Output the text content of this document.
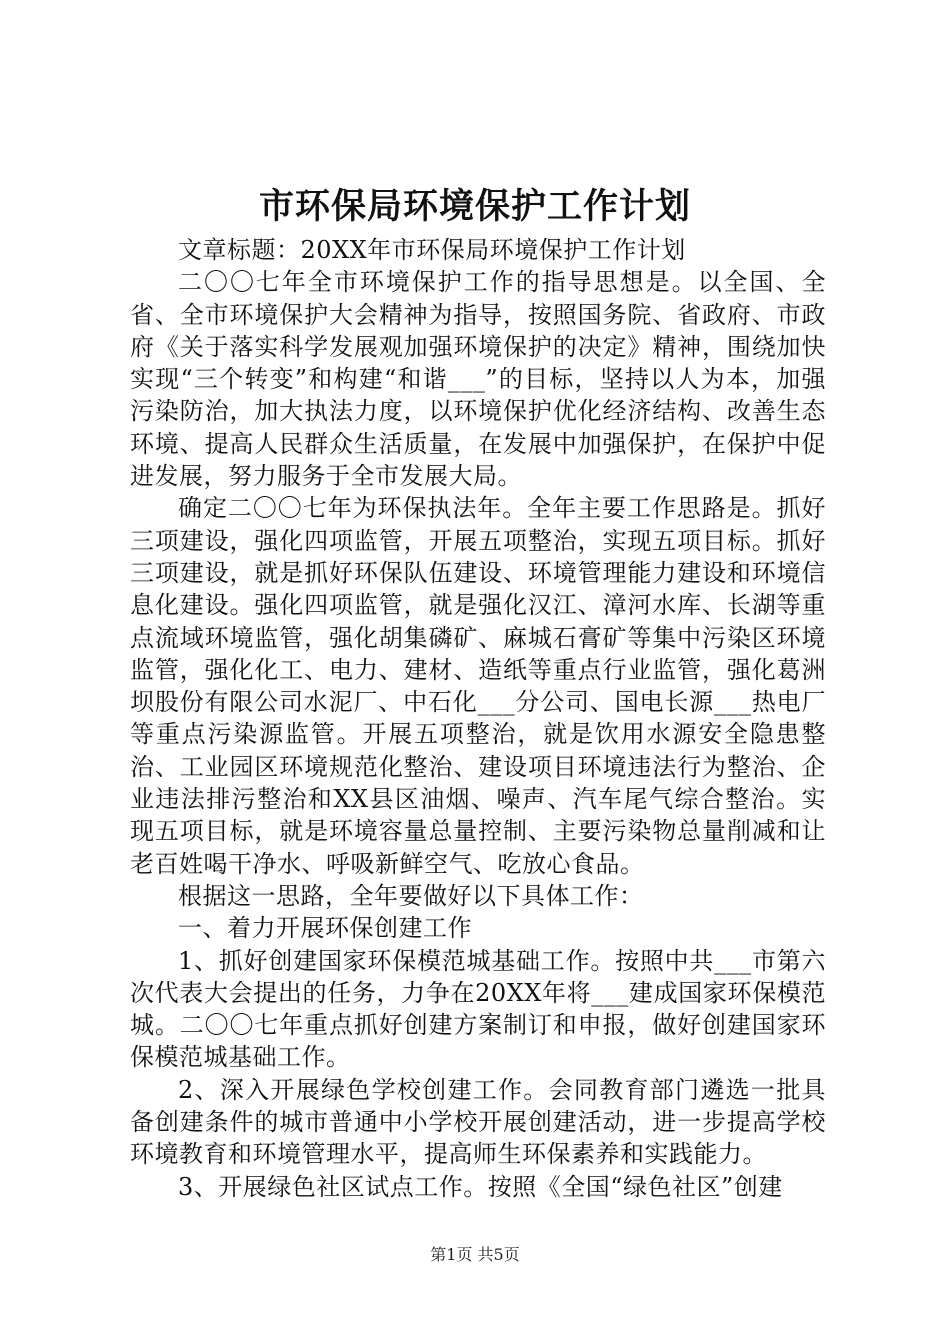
市环保局环境保护工作计划

文章标题：20XX年市环保局环境保护工作计划

二〇〇七年全市环境保护工作的指导思想是。以全国、全省、全市环境保护大会精神为指导，按照国务院、省政府、市政府《关于落实科学发展观加强环境保护的决定》精神，围绕加快实现“三个转变”和构建“和谐___”的目标，坚持以人为本，加强污染防治，加大执法力度，以环境保护优化经济结构、改善生态环境、提高人民群众生活质量，在发展中加强保护，在保护中促进发展，努力服务于全市发展大局。

确定二〇〇七年为环保执法年。全年主要工作思路是。抓好三项建设，强化四项监管，开展五项整治，实现五项目标。抓好三项建设，就是抓好环保队伍建设、环境管理能力建设和环境信息化建设。强化四项监管，就是强化汉江、漳河水库、长湖等重点流域环境监管，强化胡集磷矿、麻城石膏矿等集中污染区环境监管，强化化工、电力、建材、造纸等重点行业监管，强化葛洲坝股份有限公司水泥厂、中石化___分公司、国电长源___热电厂等重点污染源监管。开展五项整治，就是饮用水源安全隐患整治、工业园区环境规范化整治、建设项目环境违法行为整治、企业违法排污整治和XX县区油烟、噪声、汽车尾气综合整治。实现五项目标，就是环境容量总量控制、主要污染物总量削减和让老百姓喝干净水、呼吸新鲜空气、吃放心食品。

根据这一思路，全年要做好以下具体工作：

一、着力开展环保创建工作

1、抓好创建国家环保模范城基础工作。按照中共___市第六次代表大会提出的任务，力争在20XX年将___建成国家环保模范城。二〇〇七年重点抓好创建方案制订和申报，做好创建国家环保模范城基础工作。

2、深入开展绿色学校创建工作。会同教育部门遴选一批具备创建条件的城市普通中小学校开展创建活动，进一步提高学校环境教育和环境管理水平，提高师生环保素养和实践能力。

3、开展绿色社区试点工作。按照《全国“绿色社区”创建

第1页 共5页
